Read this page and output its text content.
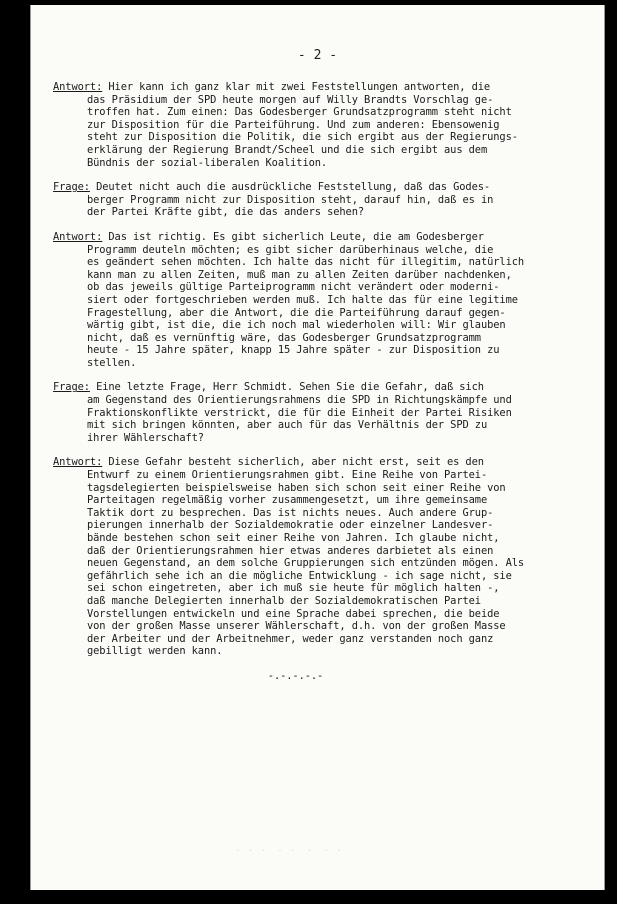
- 2 -
Antwort: Hier kann ich ganz klar mit zwei Feststellungen antworten, die
das Präsidium der SPD heute morgen auf Willy Brandts Vorschlag ge-
troffen hat. Zum einen: Das Godesberger Grundsatzprogramm steht nicht
zur Disposition für die Parteiführung. Und zum anderen: Ebensowenig
steht zur Disposition die Politik, die sich ergibt aus der Regierungs-
erklärung der Regierung Brandt/Scheel und die sich ergibt aus dem
Bündnis der sozial-liberalen Koalition.
Frage: Deutet nicht auch die ausdrückliche Feststellung, daß das Godes-
berger Programm nicht zur Disposition steht, darauf hin, daß es in
der Partei Kräfte gibt, die das anders sehen?
Antwort: Das ist richtig. Es gibt sicherlich Leute, die am Godesberger
Programm deuteln möchten; es gibt sicher darüberhinaus welche, die
es geändert sehen möchten. Ich halte das nicht für illegitim, natürlich
kann man zu allen Zeiten, muß man zu allen Zeiten darüber nachdenken,
ob das jeweils gültige Parteiprogramm nicht verändert oder moderni-
siert oder fortgeschrieben werden muß. Ich halte das für eine legitime
Fragestellung, aber die Antwort, die die Parteiführung darauf gegen-
wärtig gibt, ist die, die ich noch mal wiederholen will: Wir glauben
nicht, daß es vernünftig wäre, das Godesberger Grundsatzprogramm
heute - 15 Jahre später, knapp 15 Jahre später - zur Disposition zu
stellen.
Frage: Eine letzte Frage, Herr Schmidt. Sehen Sie die Gefahr, daß sich
am Gegenstand des Orientierungsrahmens die SPD in Richtungskämpfe und
Fraktionskonflikte verstrickt, die für die Einheit der Partei Risiken
mit sich bringen könnten, aber auch für das Verhältnis der SPD zu
ihrer Wählerschaft?
Antwort: Diese Gefahr besteht sicherlich, aber nicht erst, seit es den
Entwurf zu einem Orientierungsrahmen gibt. Eine Reihe von Partei-
tagsdelegierten beispielsweise haben sich schon seit einer Reihe von
Parteitagen regelmäßig vorher zusammengesetzt, um ihre gemeinsame
Taktik dort zu besprechen. Das ist nichts neues. Auch andere Grup-
pierungen innerhalb der Sozialdemokratie oder einzelner Landesver-
bände bestehen schon seit einer Reihe von Jahren. Ich glaube nicht,
daß der Orientierungsrahmen hier etwas anderes darbietet als einen
neuen Gegenstand, an dem solche Gruppierungen sich entzünden mögen. Als
gefährlich sehe ich an die mögliche Entwicklung - ich sage nicht, sie
sei schon eingetreten, aber ich muß sie heute für möglich halten -,
daß manche Delegierten innerhalb der Sozialdemokratischen Partei
Vorstellungen entwickeln und eine Sprache dabei sprechen, die beide
von der großen Masse unserer Wählerschaft, d.h. von der großen Masse
der Arbeiter und der Arbeitnehmer, weder ganz verstanden noch ganz
gebilligt werden kann.
-.-.-.-.-
·  ·  ·   ·  ·   ·   ·  ·
